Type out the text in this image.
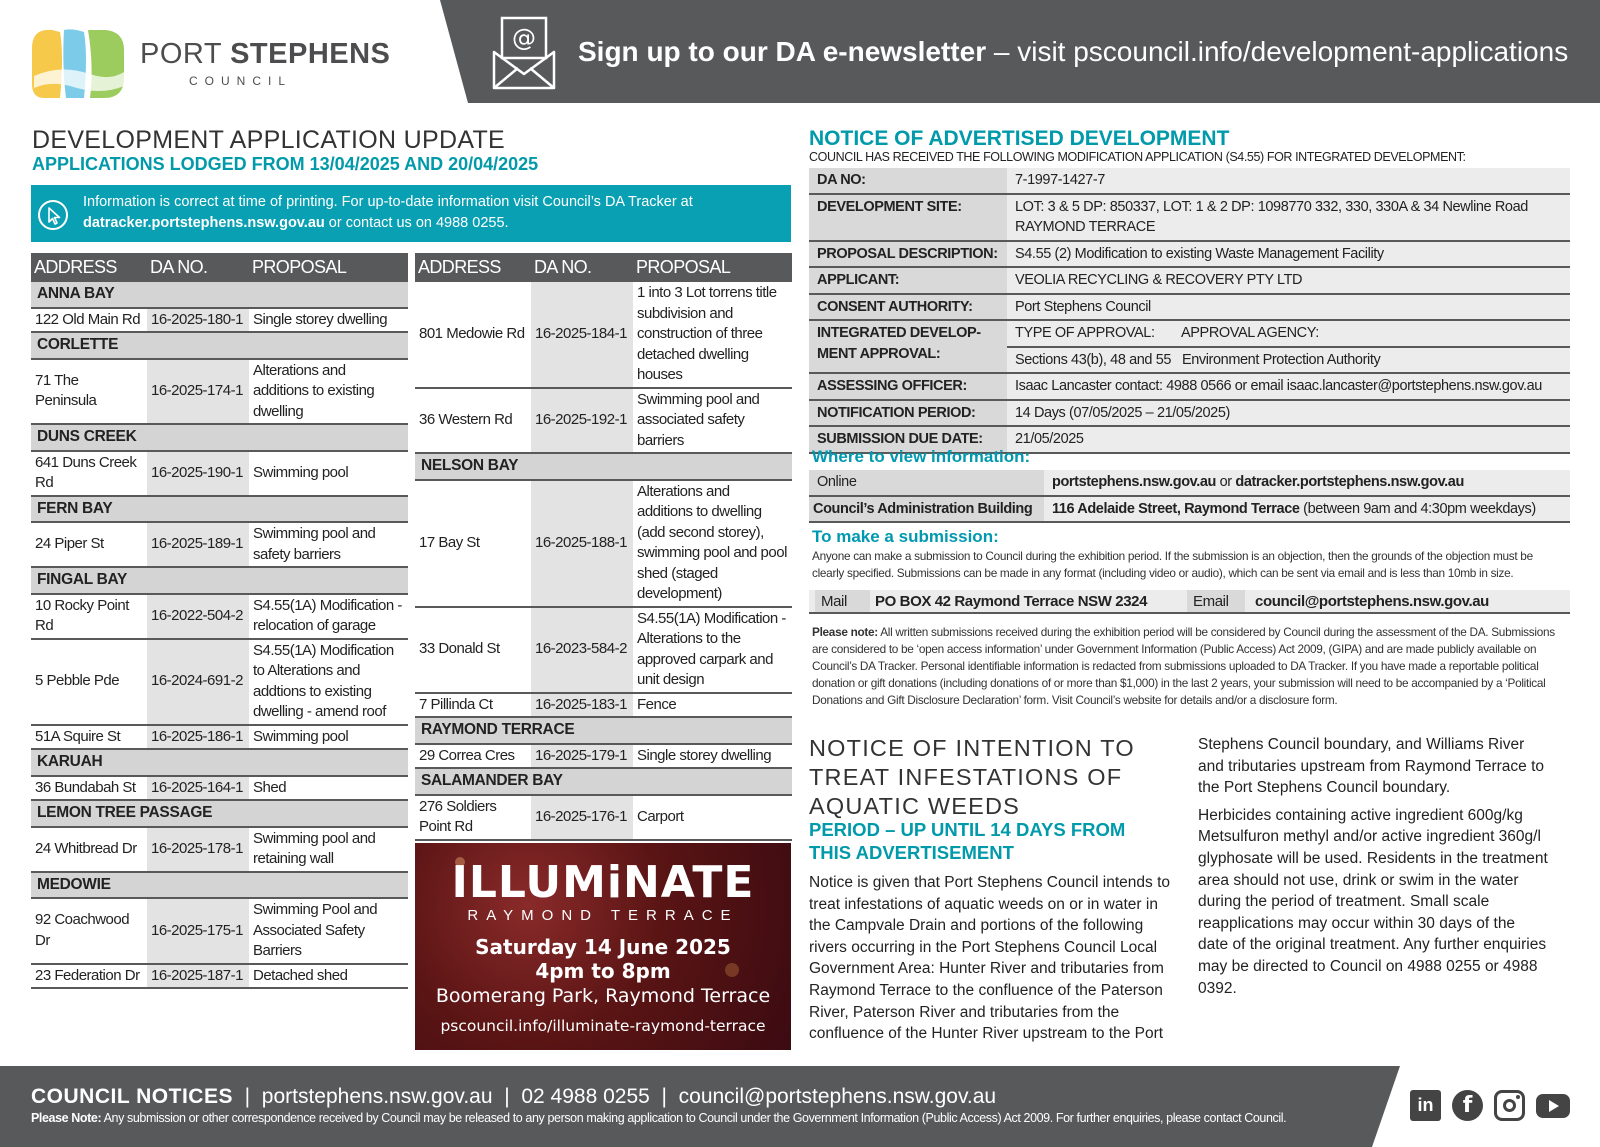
PORT STEPHENS
COUNCIL
@ Sign up to our DA e-newsletter – visit pscouncil.info/development-applications
DEVELOPMENT APPLICATION UPDATE
APPLICATIONS LODGED FROM 13/04/2025 AND 20/04/2025
Information is correct at time of printing. For up-to-date information visit Council’s DA Tracker at
datracker.portstephens.nsw.gov.au or contact us on 4988 0255.
ADDRESS	DA NO.	PROPOSAL
ANNA BAY		
122 Old Main Rd	16-2025-180-1	Single storey dwelling
CORLETTE		
71 The Peninsula	16-2025-174-1	Alterations and additions to existing dwelling
DUNS CREEK		
641 Duns Creek Rd	16-2025-190-1	Swimming pool
FERN BAY		
24 Piper St	16-2025-189-1	Swimming pool and safety barriers
FINGAL BAY		
10 Rocky Point Rd	16-2022-504-2	S4.55(1A) Modification - relocation of garage
5 Pebble Pde	16-2024-691-2	S4.55(1A) Modification to Alterations and addtions to existing dwelling - amend roof
51A Squire St	16-2025-186-1	Swimming pool
KARUAH		
36 Bundabah St	16-2025-164-1	Shed
LEMON TREE PASSAGE		
24 Whitbread Dr	16-2025-178-1	Swimming pool and retaining wall
MEDOWIE		
92 Coachwood Dr	16-2025-175-1	Swimming Pool and Associated Safety Barriers
23 Federation Dr	16-2025-187-1	Detached shed
ADDRESS	DA NO.	PROPOSAL
801 Medowie Rd	16-2025-184-1	1 into 3 Lot torrens title subdivision and construction of three detached dwelling houses
36 Western Rd	16-2025-192-1	Swimming pool and associated safety barriers
NELSON BAY		
17 Bay St	16-2025-188-1	Alterations and additions to dwelling (add second storey), swimming pool and pool shed (staged development)
33 Donald St	16-2023-584-2	S4.55(1A) Modification - Alterations to the approved carpark and unit design
7 Pillinda Ct	16-2025-183-1	Fence
RAYMOND TERRACE		
29 Correa Cres	16-2025-179-1	Single storey dwelling
SALAMANDER BAY		
276 Soldiers Point Rd	16-2025-176-1	Carport
ILLUMiNATE
RAYMOND TERRACE
Saturday 14 June 2025
4pm to 8pm
Boomerang Park, Raymond Terrace
pscouncil.info/illuminate-raymond-terrace
NOTICE OF ADVERTISED DEVELOPMENT
COUNCIL HAS RECEIVED THE FOLLOWING MODIFICATION APPLICATION (S4.55) FOR INTEGRATED DEVELOPMENT:
DA NO:	7-1997-1427-7
DEVELOPMENT SITE:	LOT: 3 & 5 DP: 850337, LOT: 1 & 2 DP: 1098770 332, 330, 330A & 34 Newline Road RAYMOND TERRACE
PROPOSAL DESCRIPTION:	S4.55 (2) Modification to existing Waste Management Facility
APPLICANT:	VEOLIA RECYCLING & RECOVERY PTY LTD
CONSENT AUTHORITY:	Port Stephens Council
INTEGRATED DEVELOP-MENT APPROVAL:	TYPE OF APPROVAL: APPROVAL AGENCY:
	Sections 43(b), 48 and 55 Environment Protection Authority
ASSESSING OFFICER:	Isaac Lancaster contact: 4988 0566 or email isaac.lancaster@portstephens.nsw.gov.au
NOTIFICATION PERIOD:	14 Days (07/05/2025 – 21/05/2025)
SUBMISSION DUE DATE:	21/05/2025
Where to view information:
Online	portstephens.nsw.gov.au or datracker.portstephens.nsw.gov.au
Council’s Administration Building	116 Adelaide Street, Raymond Terrace (between 9am and 4:30pm weekdays)
To make a submission:
Anyone can make a submission to Council during the exhibition period. If the submission is an objection, then the grounds of the objection must be clearly specified. Submissions can be made in any format (including video or audio), which can be sent via email and is less than 10mb in size.
Mail	PO BOX 42 Raymond Terrace NSW 2324	Email	council@portstephens.nsw.gov.au
Please note: All written submissions received during the exhibition period will be considered by Council during the assessment of the DA. Submissions are considered to be ‘open access information’ under Government Information (Public Access) Act 2009, (GIPA) and are made publicly available on Council’s DA Tracker. Personal identifiable information is redacted from submissions uploaded to DA Tracker. If you have made a reportable political donation or gift donations (including donations of or more than $1,000) in the last 2 years, your submission will need to be accompanied by a ‘Political Donations and Gift Disclosure Declaration’ form. Visit Council’s website for details and/or a disclosure form.
NOTICE OF INTENTION TO TREAT INFESTATIONS OF AQUATIC WEEDS
PERIOD – UP UNTIL 14 DAYS FROM THIS ADVERTISEMENT
Notice is given that Port Stephens Council intends to treat infestations of aquatic weeds on or in water in the Campvale Drain and portions of the following rivers occurring in the Port Stephens Council Local Government Area: Hunter River and tributaries from Raymond Terrace to the confluence of the Paterson River, Paterson River and tributaries from the confluence of the Hunter River upstream to the Port
Stephens Council boundary, and Williams River and tributaries upstream from Raymond Terrace to the Port Stephens Council boundary.
Herbicides containing active ingredient 600g/kg Metsulfuron methyl and/or active ingredient 360g/l glyphosate will be used. Residents in the treatment area should not use, drink or swim in the water during the period of treatment. Small scale reapplications may occur within 30 days of the date of the original treatment. Any further enquiries may be directed to Council on 4988 0255 or 4988 0392.
COUNCIL NOTICES | portstephens.nsw.gov.au | 02 4988 0255 | council@portstephens.nsw.gov.au
Please Note: Any submission or other correspondence received by Council may be released to any person making application to Council under the Government Information (Public Access) Act 2009. For further enquiries, please contact Council.
in	f
